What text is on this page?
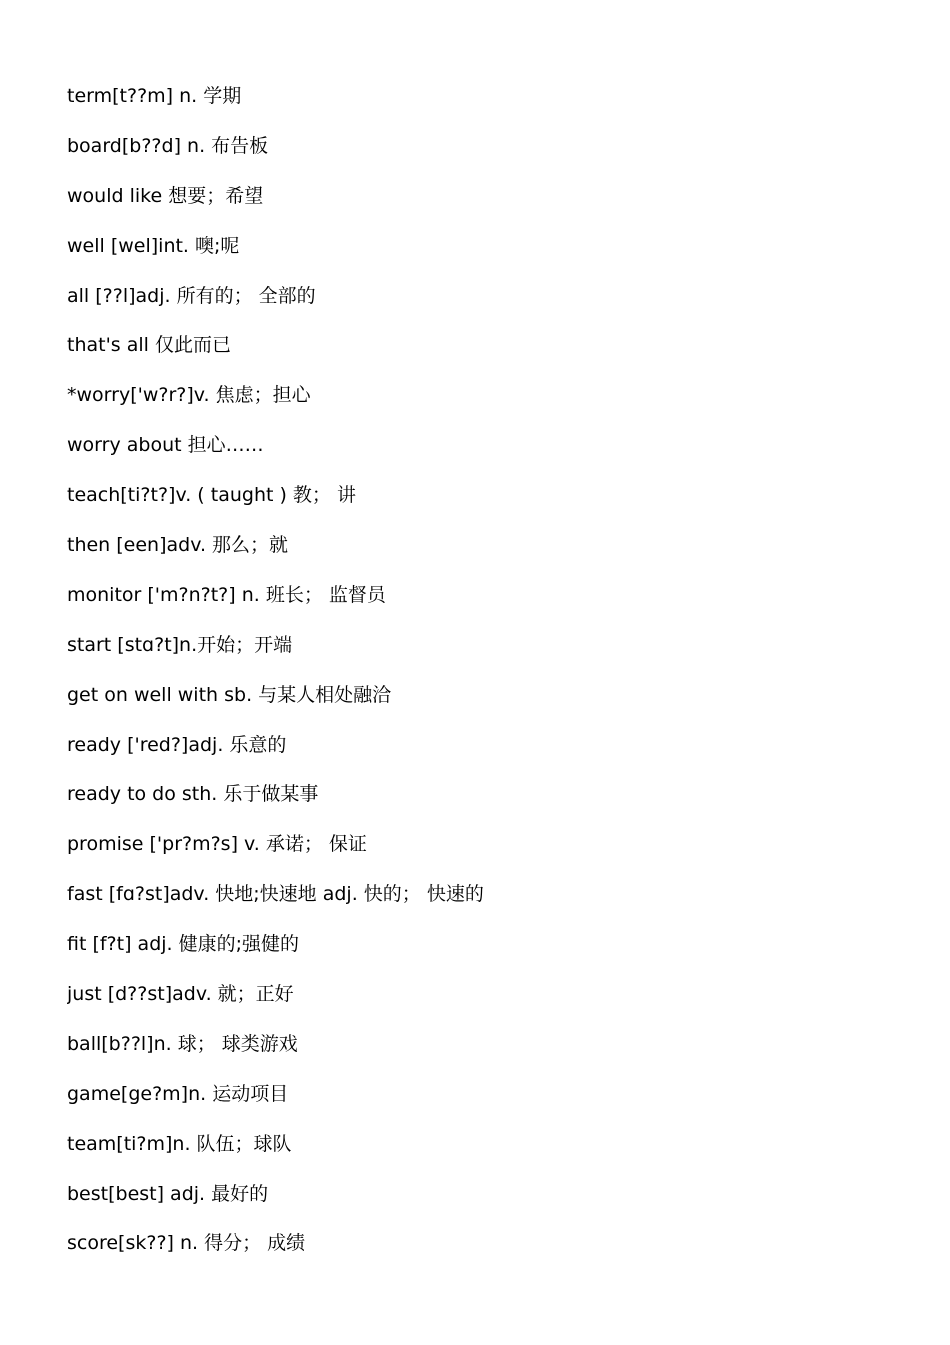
term[t??m] n. 学期
board[b??d] n. 布告板
would like 想要；希望
well [wel]int. 噢;呢
all [??l]adj. 所有的； 全部的
that's all 仅此而已
*worry['w?r?]v. 焦虑；担心
worry about 担心……
teach[ti?t?]v. ( taught ) 教； 讲
then [een]adv. 那么；就
monitor ['m?n?t?] n. 班长； 监督员
start [stɑ?t]n.开始；开端
get on well with sb. 与某人相处融洽
ready ['red?]adj. 乐意的
ready to do sth. 乐于做某事
promise ['pr?m?s] v. 承诺； 保证
fast [fɑ?st]adv. 快地;快速地 adj. 快的； 快速的
fit [f?t] adj. 健康的;强健的
just [d??st]adv. 就；正好
ball[b??l]n. 球； 球类游戏
game[ge?m]n. 运动项目
team[ti?m]n. 队伍；球队
best[best] adj. 最好的
score[sk??] n. 得分； 成绩
